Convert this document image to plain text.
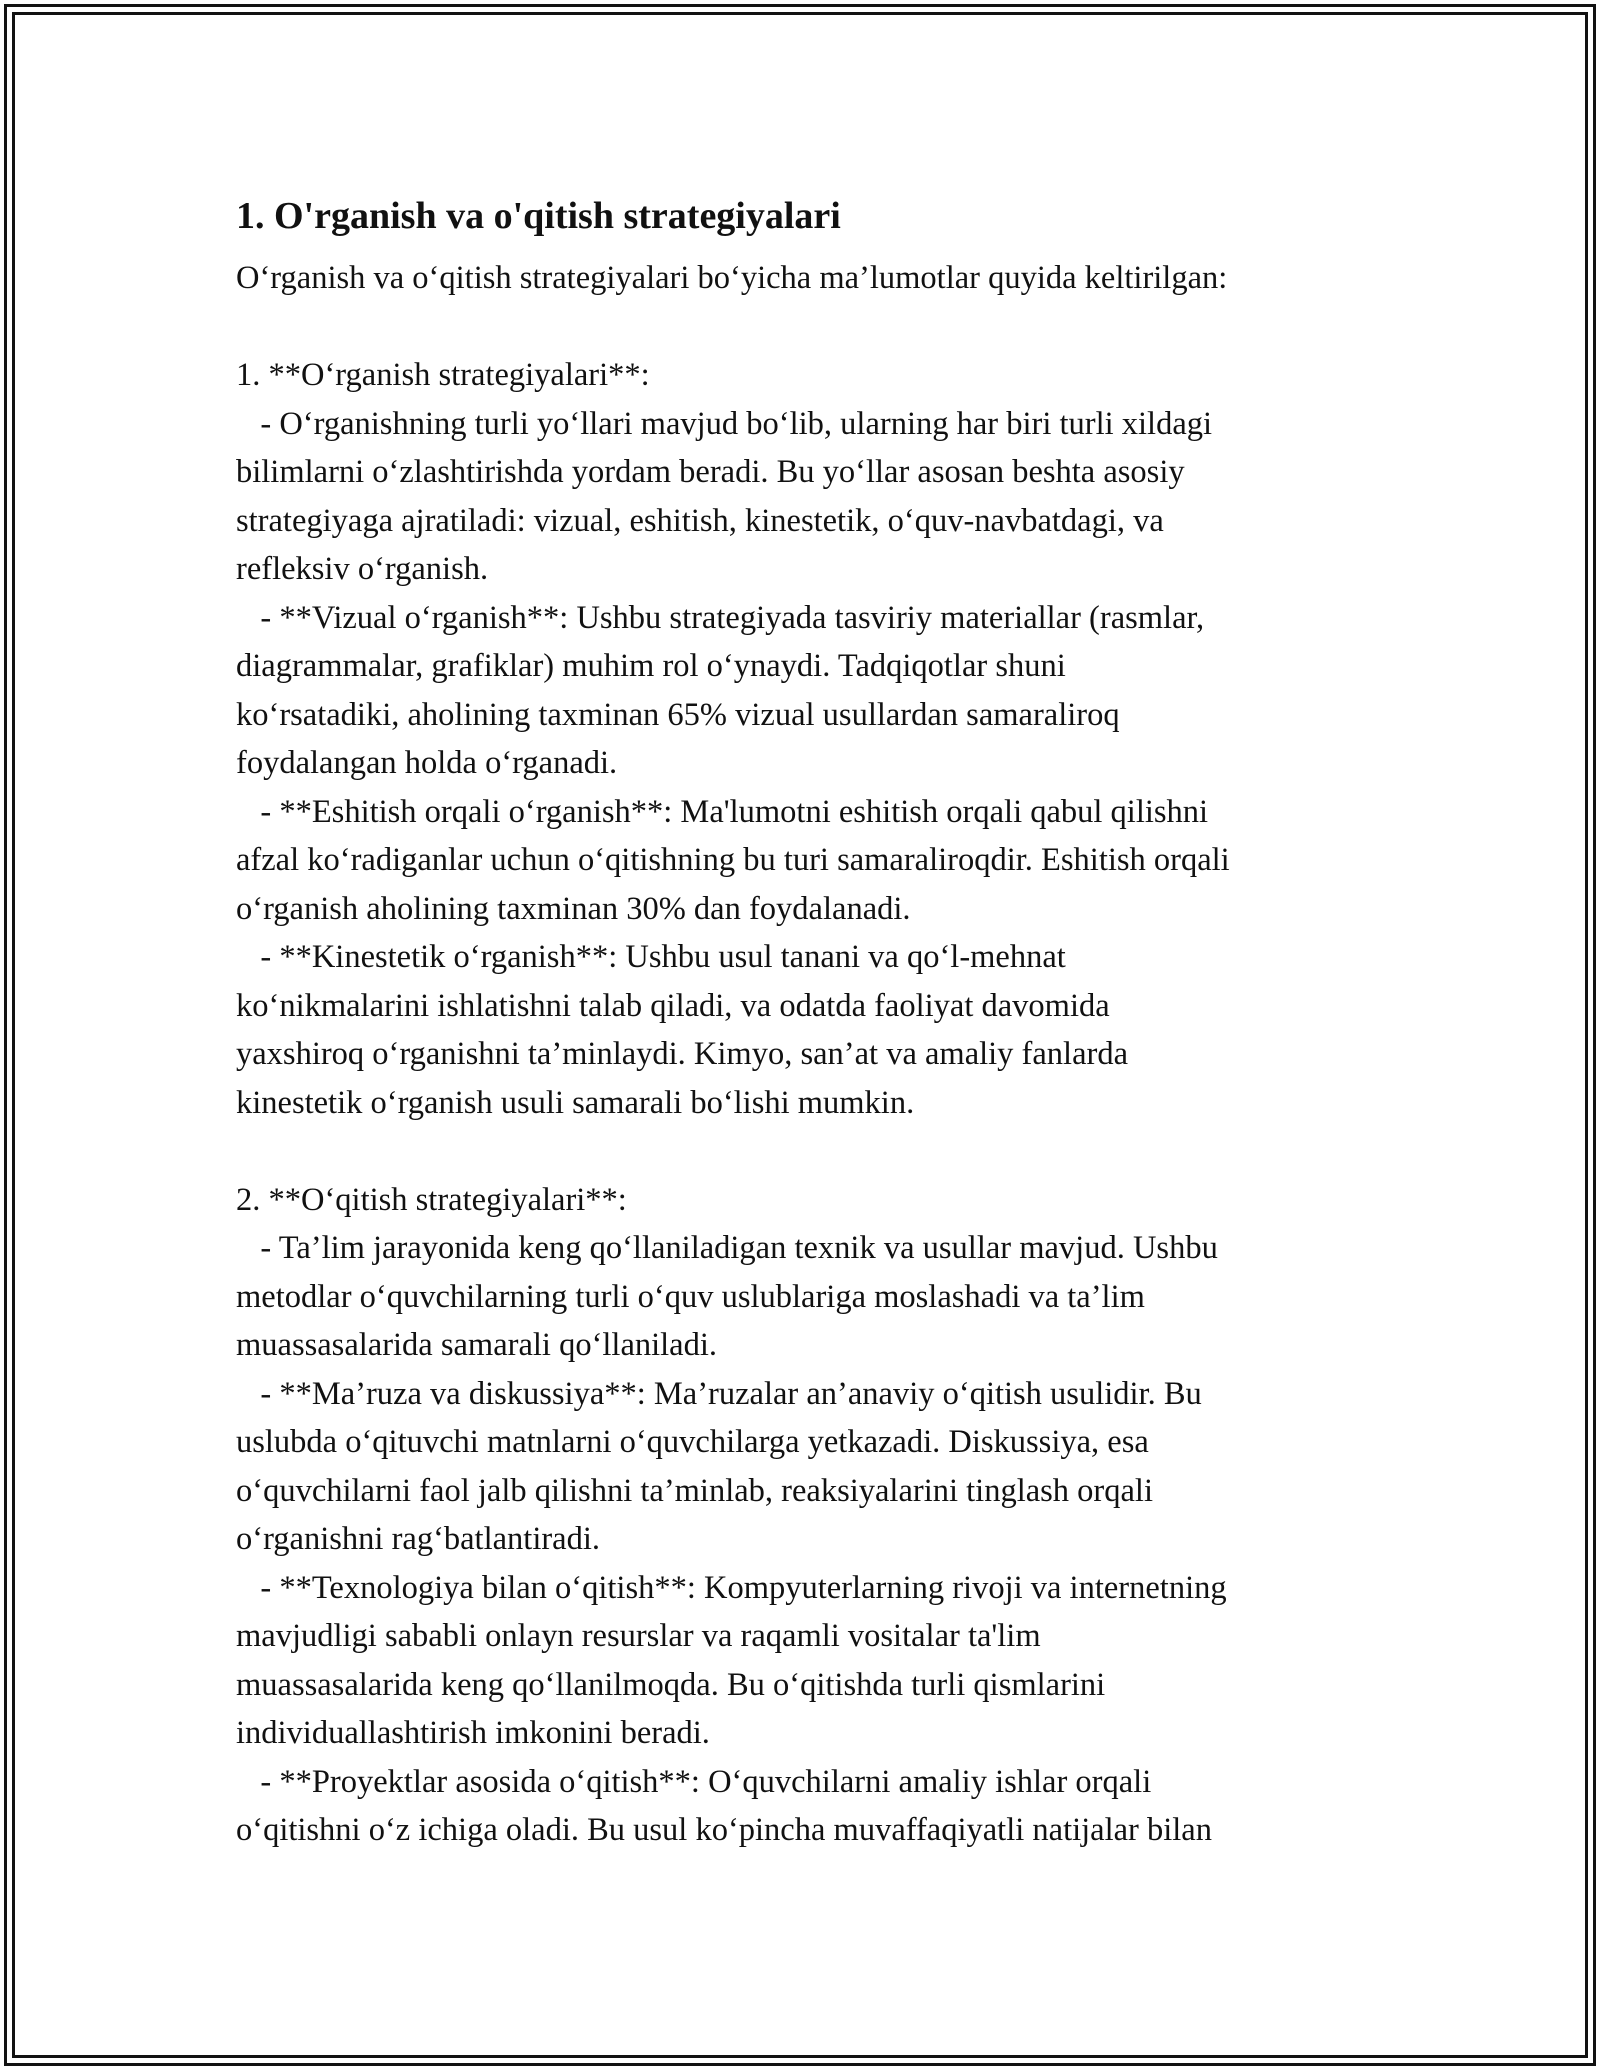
1. O'rganish va o'qitish strategiyalari
O‘rganish va o‘qitish strategiyalari bo‘yicha ma’lumotlar quyida keltirilgan:
1. **O‘rganish strategiyalari**:
- O‘rganishning turli yo‘llari mavjud bo‘lib, ularning har biri turli xildagi
bilimlarni o‘zlashtirishda yordam beradi. Bu yo‘llar asosan beshta asosiy
strategiyaga ajratiladi: vizual, eshitish, kinestetik, o‘quv-navbatdagi, va
refleksiv o‘rganish.
- **Vizual o‘rganish**: Ushbu strategiyada tasviriy materiallar (rasmlar,
diagrammalar, grafiklar) muhim rol o‘ynaydi. Tadqiqotlar shuni
ko‘rsatadiki, aholining taxminan 65% vizual usullardan samaraliroq
foydalangan holda o‘rganadi.
- **Eshitish orqali o‘rganish**: Ma'lumotni eshitish orqali qabul qilishni
afzal ko‘radiganlar uchun o‘qitishning bu turi samaraliroqdir. Eshitish orqali
o‘rganish aholining taxminan 30% dan foydalanadi.
- **Kinestetik o‘rganish**: Ushbu usul tanani va qo‘l-mehnat
ko‘nikmalarini ishlatishni talab qiladi, va odatda faoliyat davomida
yaxshiroq o‘rganishni ta’minlaydi. Kimyo, san’at va amaliy fanlarda
kinestetik o‘rganish usuli samarali bo‘lishi mumkin.
2. **O‘qitish strategiyalari**:
- Ta’lim jarayonida keng qo‘llaniladigan texnik va usullar mavjud. Ushbu
metodlar o‘quvchilarning turli o‘quv uslublariga moslashadi va ta’lim
muassasalarida samarali qo‘llaniladi.
- **Ma’ruza va diskussiya**: Ma’ruzalar an’anaviy o‘qitish usulidir. Bu
uslubda o‘qituvchi matnlarni o‘quvchilarga yetkazadi. Diskussiya, esa
o‘quvchilarni faol jalb qilishni ta’minlab, reaksiyalarini tinglash orqali
o‘rganishni rag‘batlantiradi.
- **Texnologiya bilan o‘qitish**: Kompyuterlarning rivoji va internetning
mavjudligi sababli onlayn resurslar va raqamli vositalar ta'lim
muassasalarida keng qo‘llanilmoqda. Bu o‘qitishda turli qismlarini
individuallashtirish imkonini beradi.
- **Proyektlar asosida o‘qitish**: O‘quvchilarni amaliy ishlar orqali
o‘qitishni o‘z ichiga oladi. Bu usul ko‘pincha muvaffaqiyatli natijalar bilan
